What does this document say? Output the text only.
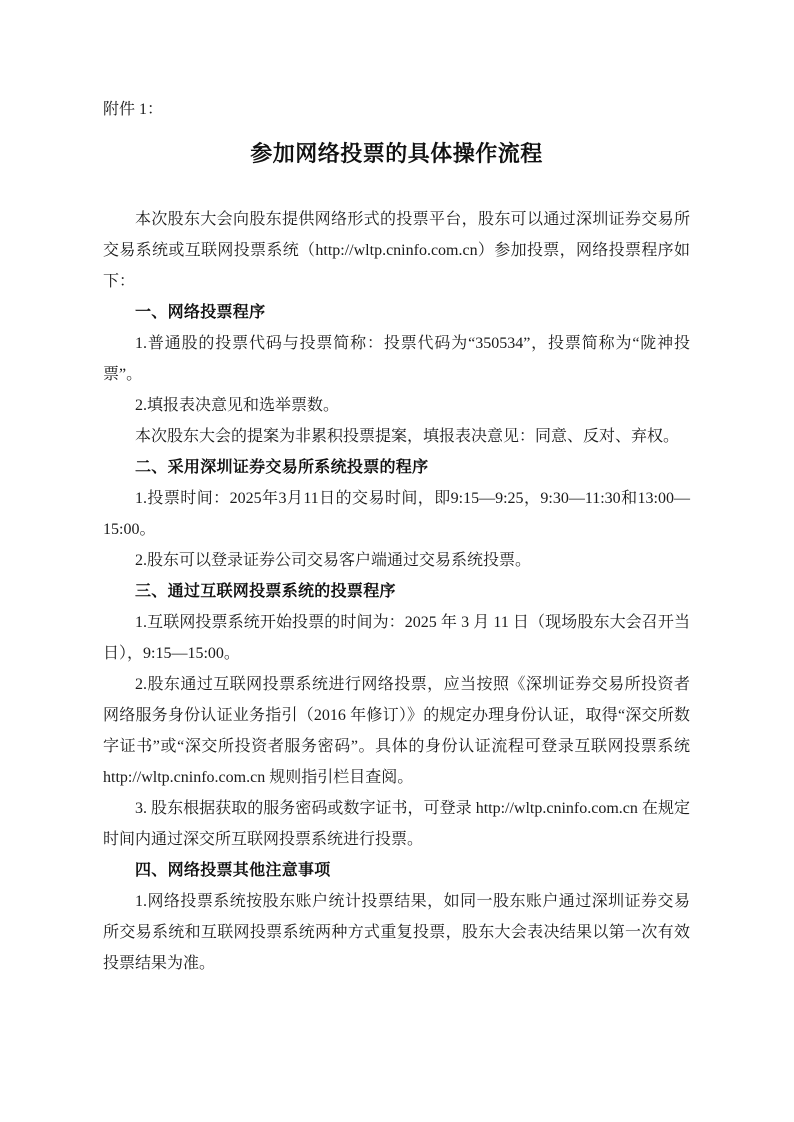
附件 1：
参加网络投票的具体操作流程

本次股东大会向股东提供网络形式的投票平台，股东可以通过深圳证券交易所交易系统或互联网投票系统（http://wltp.cninfo.com.cn）参加投票，网络投票程序如下：

一、网络投票程序

1.普通股的投票代码与投票简称：投票代码为“350534”，投票简称为“陇神投票”。

2.填报表决意见和选举票数。

本次股东大会的提案为非累积投票提案，填报表决意见：同意、反对、弃权。

二、采用深圳证券交易所系统投票的程序

1.投票时间：2025年3月11日的交易时间，即9:15—9:25，9:30—11:30和13:00—15:00。

2.股东可以登录证券公司交易客户端通过交易系统投票。

三、通过互联网投票系统的投票程序

1.互联网投票系统开始投票的时间为：2025 年 3 月 11 日（现场股东大会召开当日），9:15—15:00。

2.股东通过互联网投票系统进行网络投票，应当按照《深圳证券交易所投资者网络服务身份认证业务指引（2016 年修订）》的规定办理身份认证，取得“深交所数字证书”或“深交所投资者服务密码”。具体的身份认证流程可登录互联网投票系统 http://wltp.cninfo.com.cn 规则指引栏目查阅。

3. 股东根据获取的服务密码或数字证书，可登录 http://wltp.cninfo.com.cn 在规定时间内通过深交所互联网投票系统进行投票。

四、网络投票其他注意事项

1.网络投票系统按股东账户统计投票结果，如同一股东账户通过深圳证券交易所交易系统和互联网投票系统两种方式重复投票，股东大会表决结果以第一次有效投票结果为准。
